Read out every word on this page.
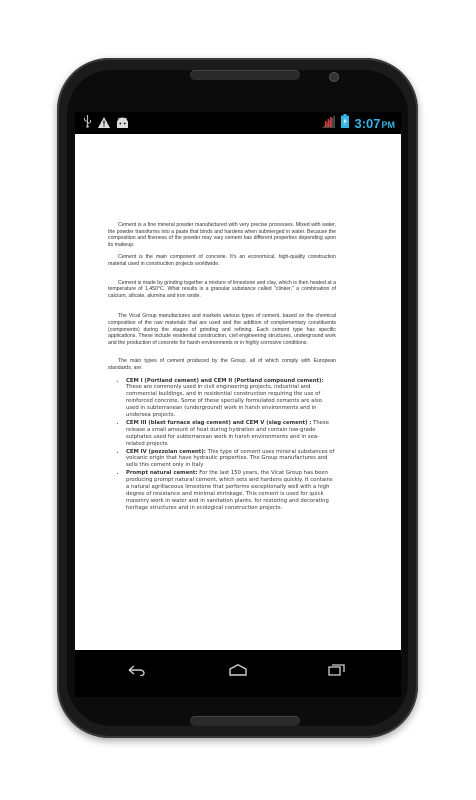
3:07PM

Cement is a fine mineral powder manufactured with very precise processes. Mixed with water, the powder transforms into a paste that binds and hardens when submerged in water. Because the composition and fineness of the powder may vary cement has different properties depending upon its makeup.

Cement is the main component of concrete. It's an economical, high-quality construction material used in construction projects worldwide.

Cement is made by grinding together a mixture of limestone and clay, which is then heated at a temperature of 1,450°C. What results is a granular substance called "clinker," a combination of calcium, silicate, alumina and iron oxide.

The Vicat Group manufactures and markets various types of cement, based on the chemical composition of the raw materials that are used and the addition of complementary constituents (components) during the stages of grinding and refining. Each cement type has specific applications. These include residential construction, civil engineering structures, underground work and the production of concrete for harsh environments or in highly corrosive conditions.

The main types of cement produced by the Group, all of which comply with European standards, are:

• CEM I (Portland cement) and CEM II (Portland compound cement): These are commonly used in civil engineering projects, industrial and commercial buildings, and in residential construction requiring the use of reinforced concrete. Some of these specially formulated cements are also used in subterranean (underground) work in harsh environments and in undersea projects.
• CEM III (blast furnace slag cement) and CEM V (slag cement) : These release a small amount of heat during hydration and contain low-grade sulphates used for subterranean work in harsh environments and in sea-related projects
• CEM IV (pozzolan cement): This type of cement uses mineral substances of volcanic origin that have hydraulic properties. The Group manufactures and sells this cement only in Italy
• Prompt natural cement: For the last 150 years, the Vicat Group has been producing prompt natural cement, which sets and hardens quickly. It contains a natural agrillaceous limestone that performs exceptionally well with a high degree of resistance and minimal shrinkage. This cement is used for quick masonry work in water and in sanitation plants, for restoring and decorating heritage structures and in ecological construction projects.
